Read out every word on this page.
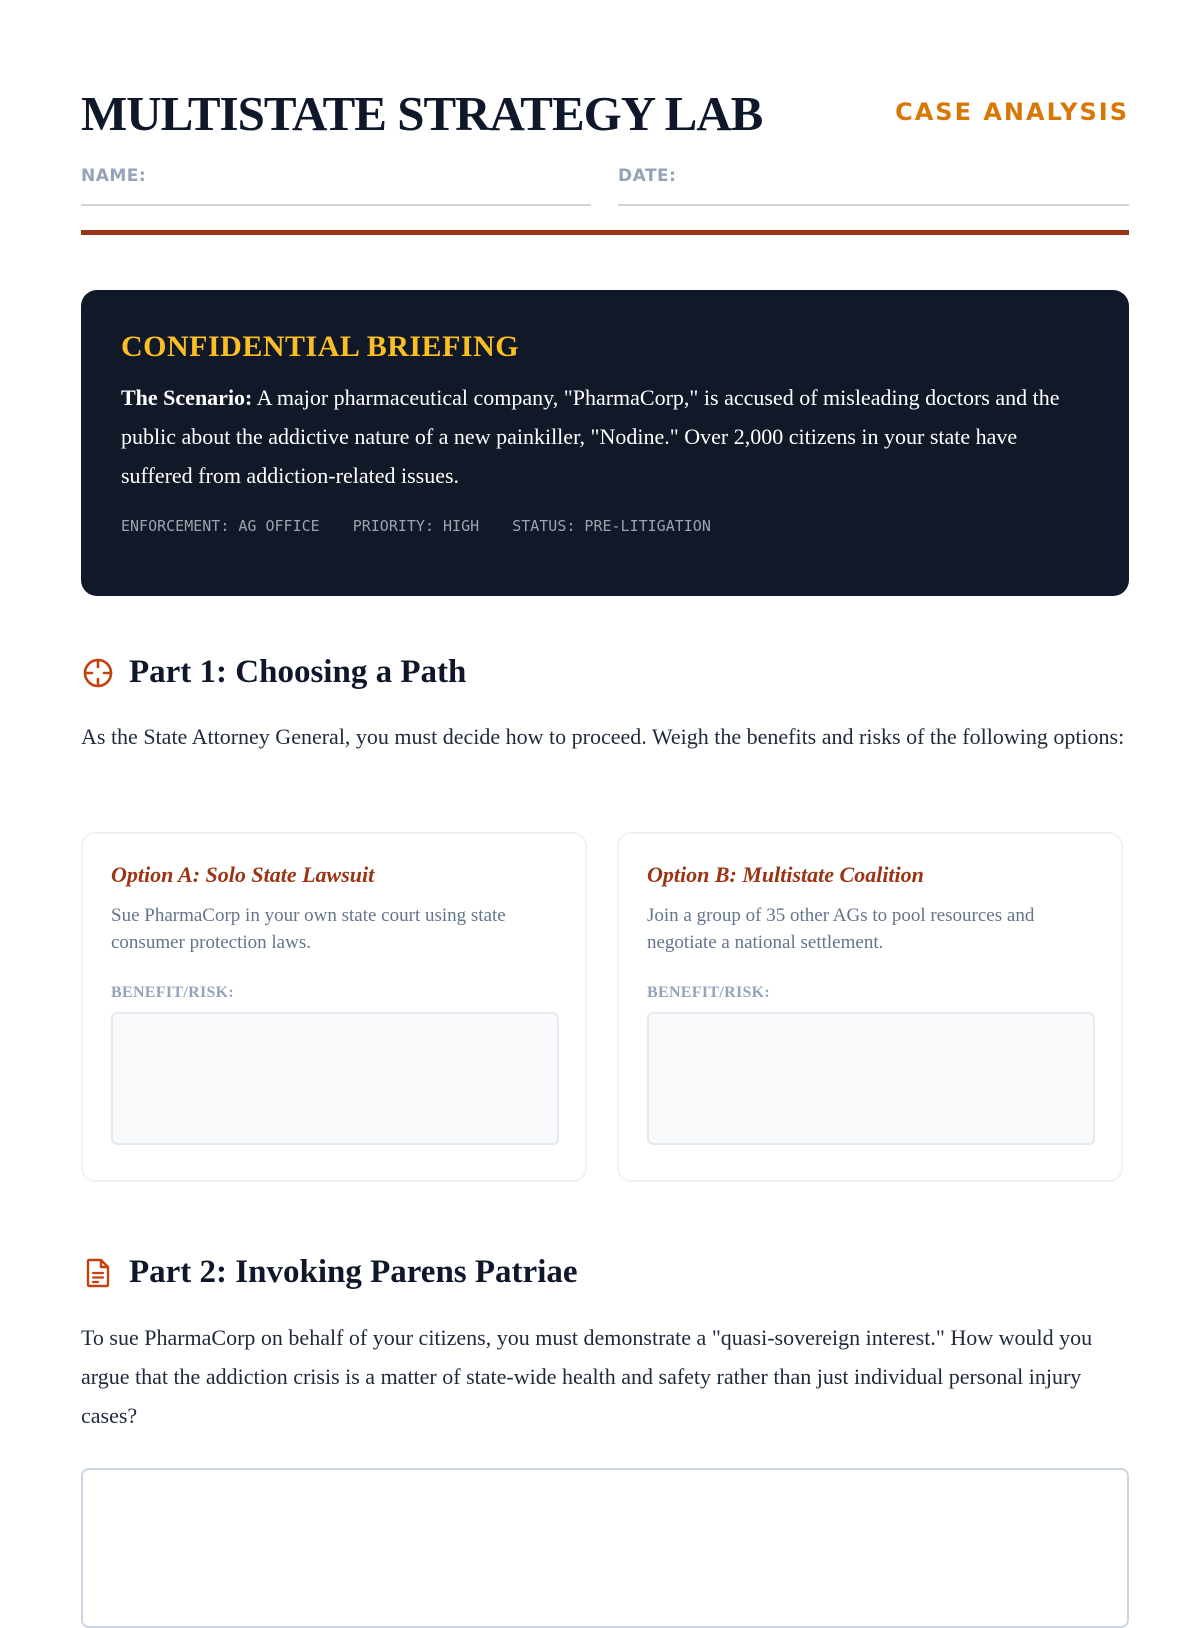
MULTISTATE STRATEGY LAB	CASE ANALYSIS
NAME:	DATE:
CONFIDENTIAL BRIEFING

The Scenario: A major pharmaceutical company, "PharmaCorp," is accused of misleading doctors and the public about the addictive nature of a new painkiller, "Nodine." Over 2,000 citizens in your state have suffered from addiction-related issues.

ENFORCEMENT: AG OFFICE PRIORITY: HIGH STATUS: PRE-LITIGATION
Part 1: Choosing a Path

As the State Attorney General, you must decide how to proceed. Weigh the benefits and risks of the following options:

Option A: Solo State Lawsuit

Sue PharmaCorp in your own state court using state consumer protection laws.

BENEFIT/RISK:
Option B: Multistate Coalition

Join a group of 35 other AGs to pool resources and negotiate a national settlement.

BENEFIT/RISK:
Part 2: Invoking Parens Patriae

To sue PharmaCorp on behalf of your citizens, you must demonstrate a "quasi-sovereign interest." How would you argue that the addiction crisis is a matter of state-wide health and safety rather than just individual personal injury cases?
